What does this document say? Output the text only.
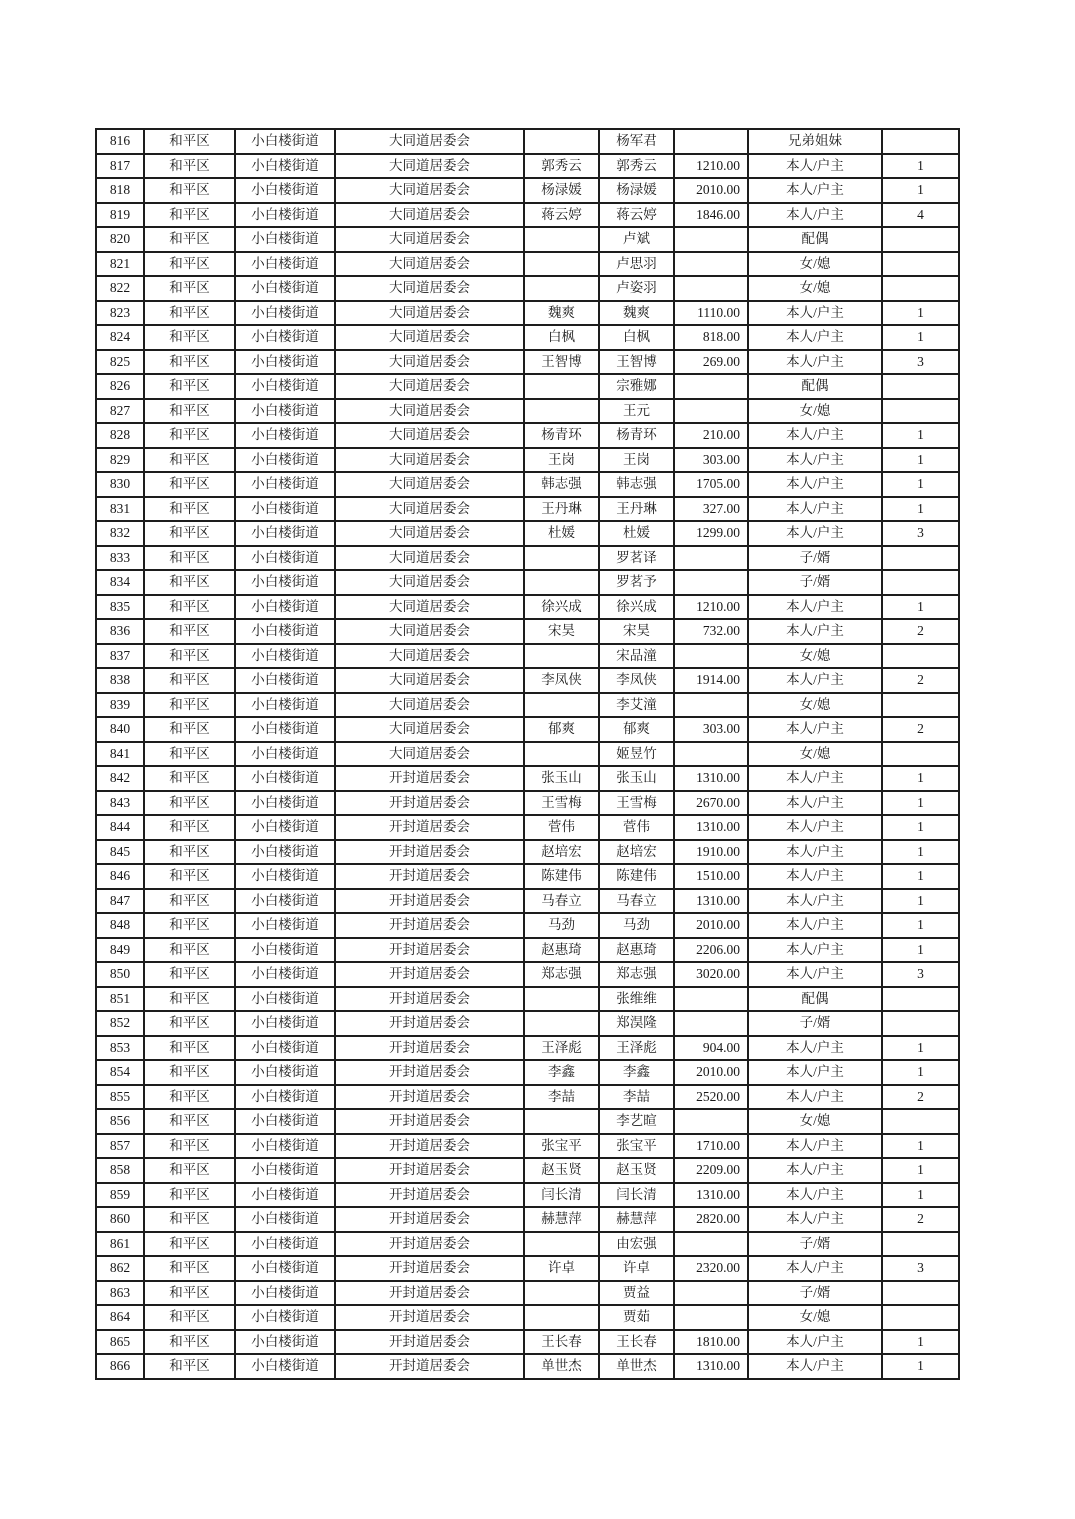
816	和平区	小白楼街道	大同道居委会		杨军君		兄弟姐妹	
817	和平区	小白楼街道	大同道居委会	郭秀云	郭秀云	1210.00	本人/户主	1
818	和平区	小白楼街道	大同道居委会	杨渌媛	杨渌媛	2010.00	本人/户主	1
819	和平区	小白楼街道	大同道居委会	蒋云婷	蒋云婷	1846.00	本人/户主	4
820	和平区	小白楼街道	大同道居委会		卢斌		配偶	
821	和平区	小白楼街道	大同道居委会		卢思羽		女/媳	
822	和平区	小白楼街道	大同道居委会		卢姿羽		女/媳	
823	和平区	小白楼街道	大同道居委会	魏爽	魏爽	1110.00	本人/户主	1
824	和平区	小白楼街道	大同道居委会	白枫	白枫	818.00	本人/户主	1
825	和平区	小白楼街道	大同道居委会	王智博	王智博	269.00	本人/户主	3
826	和平区	小白楼街道	大同道居委会		宗雅娜		配偶	
827	和平区	小白楼街道	大同道居委会		王元		女/媳	
828	和平区	小白楼街道	大同道居委会	杨青环	杨青环	210.00	本人/户主	1
829	和平区	小白楼街道	大同道居委会	王岗	王岗	303.00	本人/户主	1
830	和平区	小白楼街道	大同道居委会	韩志强	韩志强	1705.00	本人/户主	1
831	和平区	小白楼街道	大同道居委会	王丹琳	王丹琳	327.00	本人/户主	1
832	和平区	小白楼街道	大同道居委会	杜媛	杜媛	1299.00	本人/户主	3
833	和平区	小白楼街道	大同道居委会		罗茗译		子/婿	
834	和平区	小白楼街道	大同道居委会		罗茗予		子/婿	
835	和平区	小白楼街道	大同道居委会	徐兴成	徐兴成	1210.00	本人/户主	1
836	和平区	小白楼街道	大同道居委会	宋昊	宋昊	732.00	本人/户主	2
837	和平区	小白楼街道	大同道居委会		宋品潼		女/媳	
838	和平区	小白楼街道	大同道居委会	李凤侠	李凤侠	1914.00	本人/户主	2
839	和平区	小白楼街道	大同道居委会		李艾潼		女/媳	
840	和平区	小白楼街道	大同道居委会	郁爽	郁爽	303.00	本人/户主	2
841	和平区	小白楼街道	大同道居委会		姬昱竹		女/媳	
842	和平区	小白楼街道	开封道居委会	张玉山	张玉山	1310.00	本人/户主	1
843	和平区	小白楼街道	开封道居委会	王雪梅	王雪梅	2670.00	本人/户主	1
844	和平区	小白楼街道	开封道居委会	菅伟	菅伟	1310.00	本人/户主	1
845	和平区	小白楼街道	开封道居委会	赵培宏	赵培宏	1910.00	本人/户主	1
846	和平区	小白楼街道	开封道居委会	陈建伟	陈建伟	1510.00	本人/户主	1
847	和平区	小白楼街道	开封道居委会	马春立	马春立	1310.00	本人/户主	1
848	和平区	小白楼街道	开封道居委会	马劲	马劲	2010.00	本人/户主	1
849	和平区	小白楼街道	开封道居委会	赵惠琦	赵惠琦	2206.00	本人/户主	1
850	和平区	小白楼街道	开封道居委会	郑志强	郑志强	3020.00	本人/户主	3
851	和平区	小白楼街道	开封道居委会		张维维		配偶	
852	和平区	小白楼街道	开封道居委会		郑淏隆		子/婿	
853	和平区	小白楼街道	开封道居委会	王泽彪	王泽彪	904.00	本人/户主	1
854	和平区	小白楼街道	开封道居委会	李鑫	李鑫	2010.00	本人/户主	1
855	和平区	小白楼街道	开封道居委会	李喆	李喆	2520.00	本人/户主	2
856	和平区	小白楼街道	开封道居委会		李艺暄		女/媳	
857	和平区	小白楼街道	开封道居委会	张宝平	张宝平	1710.00	本人/户主	1
858	和平区	小白楼街道	开封道居委会	赵玉贤	赵玉贤	2209.00	本人/户主	1
859	和平区	小白楼街道	开封道居委会	闫长清	闫长清	1310.00	本人/户主	1
860	和平区	小白楼街道	开封道居委会	赫慧萍	赫慧萍	2820.00	本人/户主	2
861	和平区	小白楼街道	开封道居委会		由宏强		子/婿	
862	和平区	小白楼街道	开封道居委会	许卓	许卓	2320.00	本人/户主	3
863	和平区	小白楼街道	开封道居委会		贾益		子/婿	
864	和平区	小白楼街道	开封道居委会		贾茹		女/媳	
865	和平区	小白楼街道	开封道居委会	王长春	王长春	1810.00	本人/户主	1
866	和平区	小白楼街道	开封道居委会	单世杰	单世杰	1310.00	本人/户主	1
